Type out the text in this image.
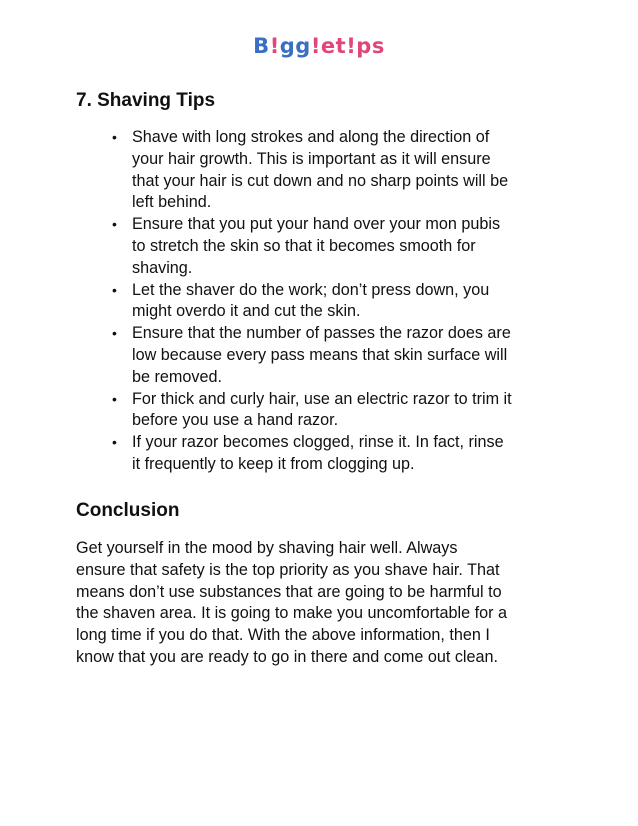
B!gg!et!ps
7. Shaving Tips
• Shave with long strokes and along the direction of
your hair growth. This is important as it will ensure
that your hair is cut down and no sharp points will be
left behind.
• Ensure that you put your hand over your mon pubis
to stretch the skin so that it becomes smooth for
shaving.
• Let the shaver do the work; don’t press down, you
might overdo it and cut the skin.
• Ensure that the number of passes the razor does are
low because every pass means that skin surface will
be removed.
• For thick and curly hair, use an electric razor to trim it
before you use a hand razor.
• If your razor becomes clogged, rinse it. In fact, rinse
it frequently to keep it from clogging up.
Conclusion

Get yourself in the mood by shaving hair well. Always
ensure that safety is the top priority as you shave hair. That
means don’t use substances that are going to be harmful to
the shaven area. It is going to make you uncomfortable for a
long time if you do that. With the above information, then I
know that you are ready to go in there and come out clean.
